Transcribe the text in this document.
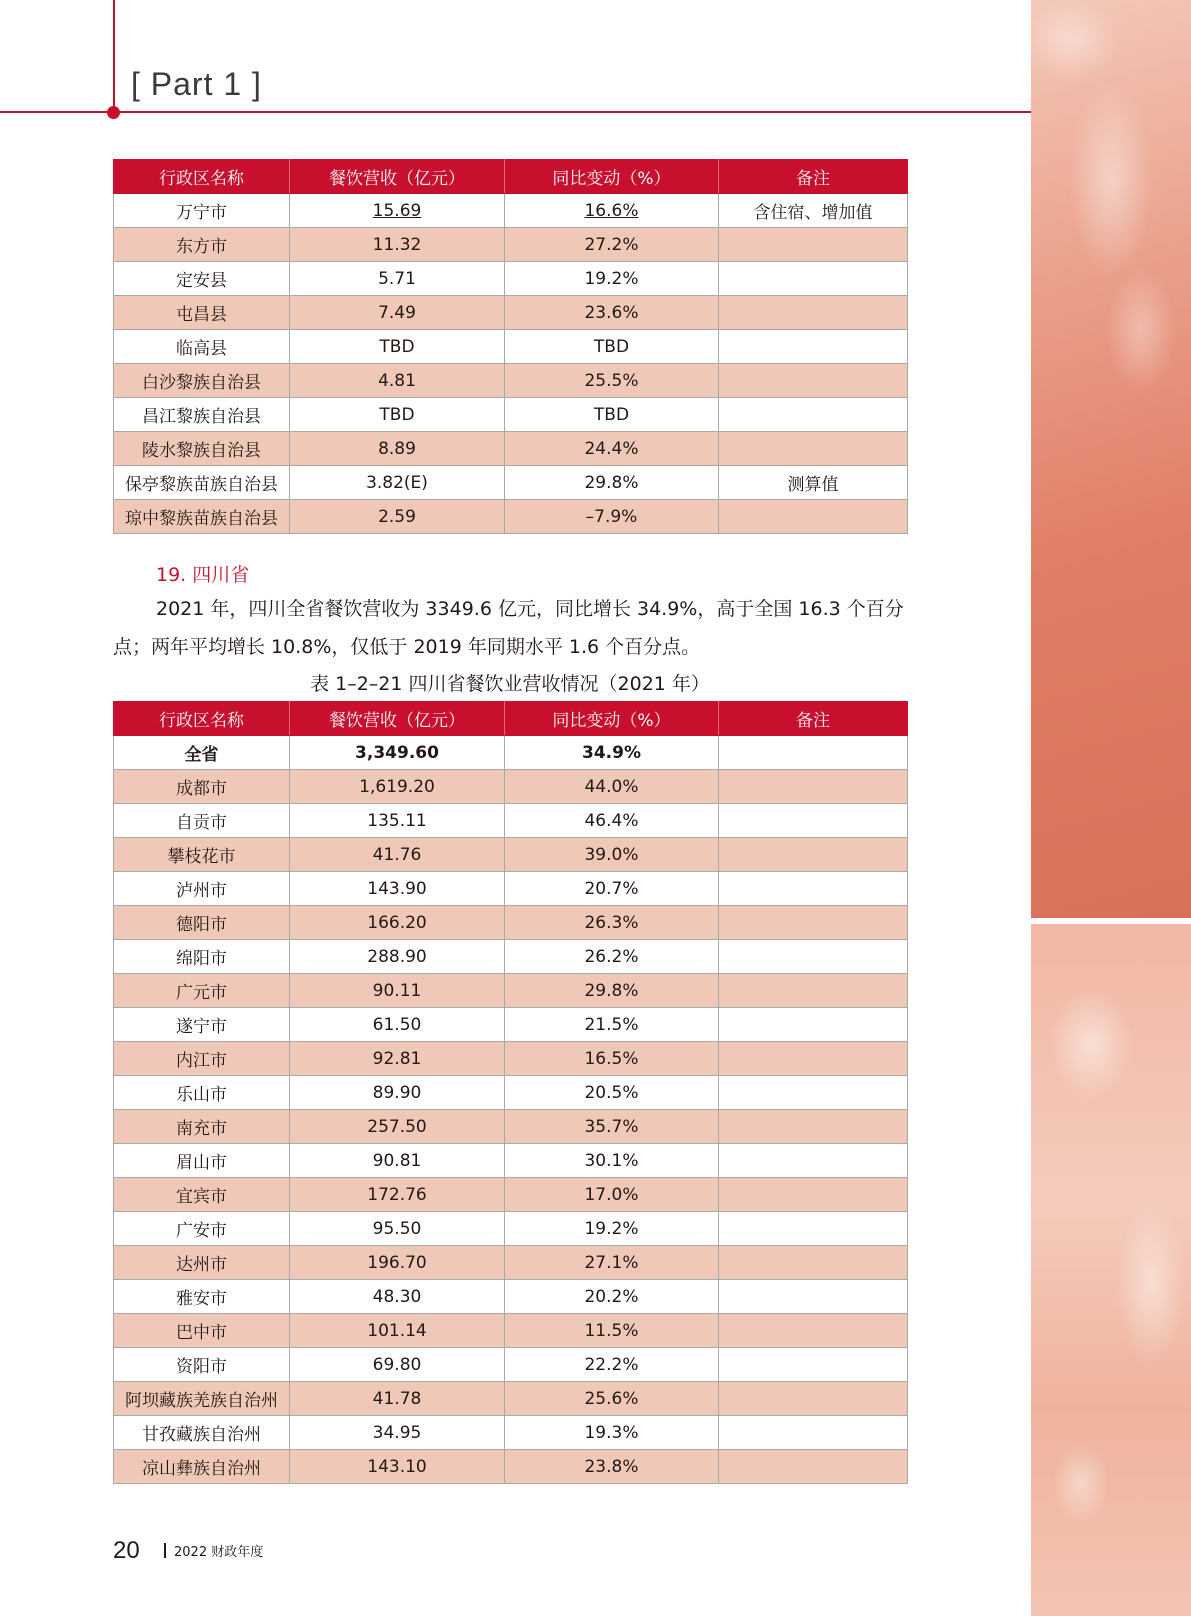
[ Part 1 ]
行政区名称	餐饮营收（亿元）	同比变动（%）	备注
万宁市	15.69	16.6%	含住宿、增加值
东方市	11.32	27.2%	
定安县	5.71	19.2%	
屯昌县	7.49	23.6%	
临高县	TBD	TBD	
白沙黎族自治县	4.81	25.5%	
昌江黎族自治县	TBD	TBD	
陵水黎族自治县	8.89	24.4%	
保亭黎族苗族自治县	3.82(E)	29.8%	测算值
琼中黎族苗族自治县	2.59	–7.9%	
19. 四川省
2021 年，四川全省餐饮营收为 3349.6 亿元，同比增长 34.9%，高于全国 16.3 个百分点；两年平均增长 10.8%，仅低于 2019 年同期水平 1.6 个百分点。
表 1–2–21 四川省餐饮业营收情况（2021 年）
行政区名称	餐饮营收（亿元）	同比变动（%）	备注
全省	3,349.60	34.9%	
成都市	1,619.20	44.0%	
自贡市	135.11	46.4%	
攀枝花市	41.76	39.0%	
泸州市	143.90	20.7%	
德阳市	166.20	26.3%	
绵阳市	288.90	26.2%	
广元市	90.11	29.8%	
遂宁市	61.50	21.5%	
内江市	92.81	16.5%	
乐山市	89.90	20.5%	
南充市	257.50	35.7%	
眉山市	90.81	30.1%	
宜宾市	172.76	17.0%	
广安市	95.50	19.2%	
达州市	196.70	27.1%	
雅安市	48.30	20.2%	
巴中市	101.14	11.5%	
资阳市	69.80	22.2%	
阿坝藏族羌族自治州	41.78	25.6%	
甘孜藏族自治州	34.95	19.3%	
凉山彝族自治州	143.10	23.8%	
20	2022 财政年度
